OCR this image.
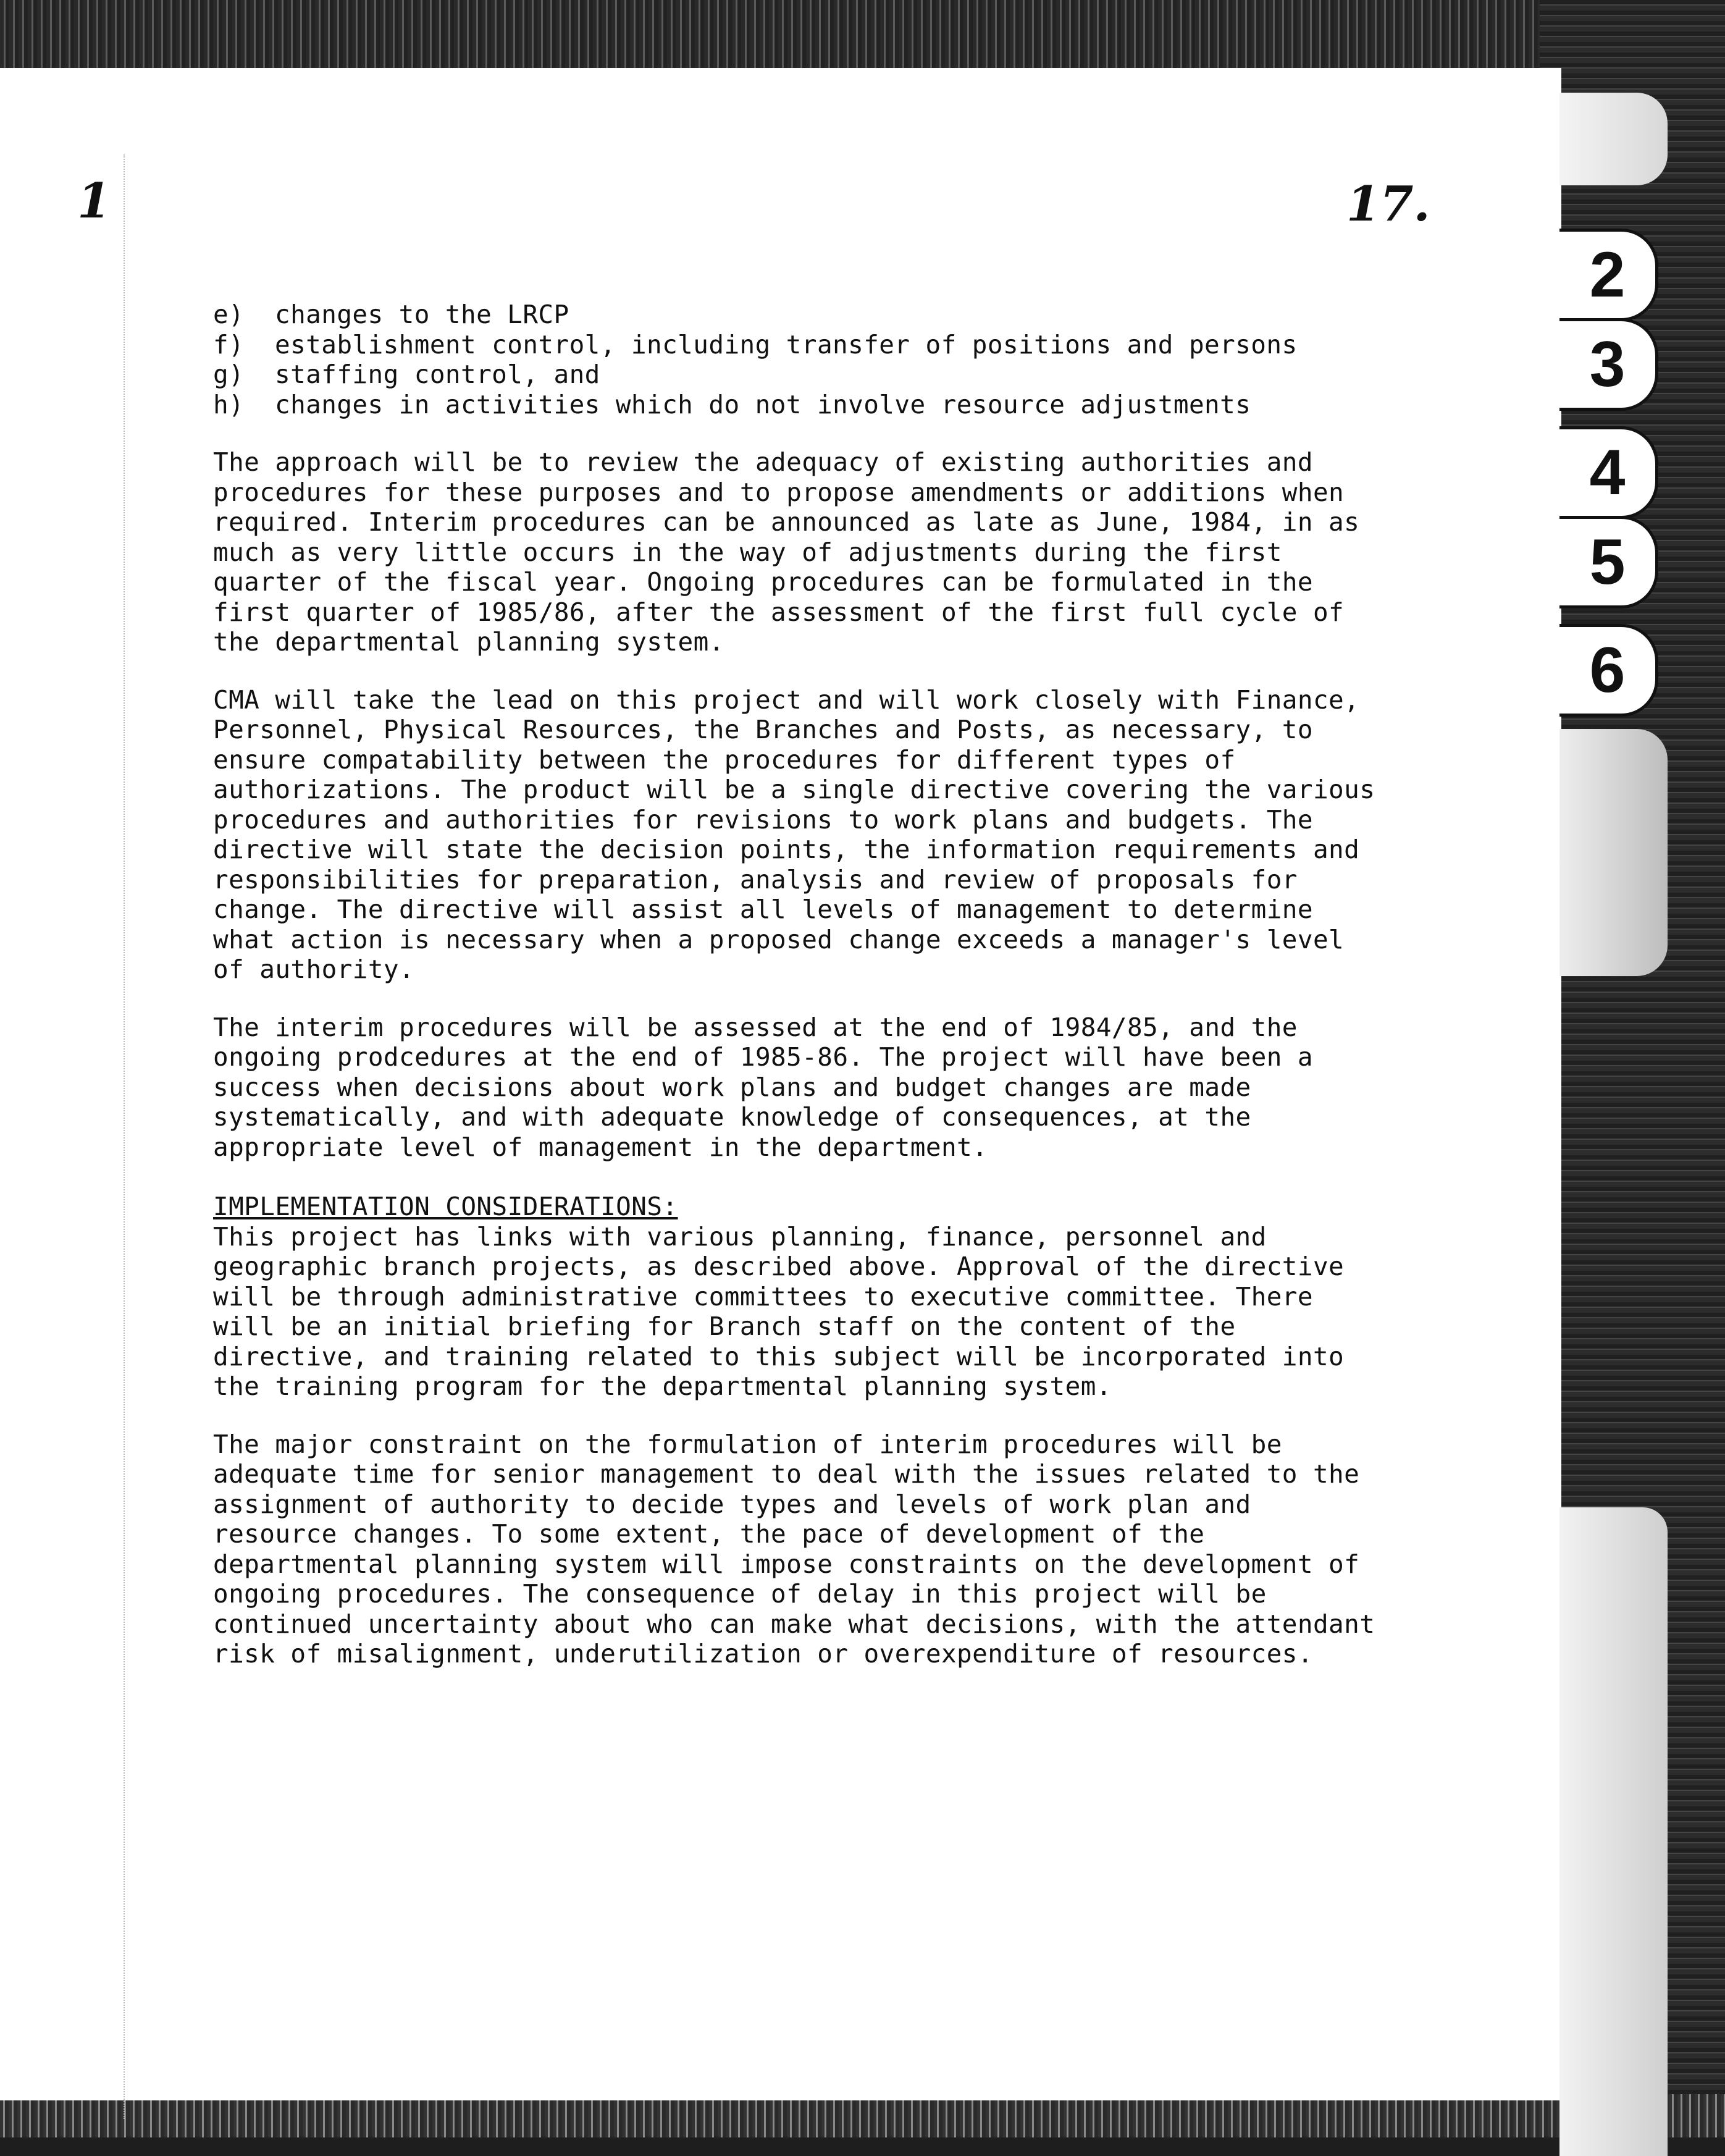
1	17.
2
3
4
5
6
e)	changes to the LRCP
f)	establishment control, including transfer of positions and persons
g)	staffing control, and
h)	changes in activities which do not involve resource adjustments

The approach will be to review the adequacy of existing authorities and procedures for these purposes and to propose amendments or additions when required. Interim procedures can be announced as late as June, 1984, in as much as very little occurs in the way of adjustments during the first quarter of the fiscal year. Ongoing procedures can be formulated in the first quarter of 1985/86, after the assessment of the first full cycle of the departmental planning system.

CMA will take the lead on this project and will work closely with Finance, Personnel, Physical Resources, the Branches and Posts, as necessary, to ensure compatability between the procedures for different types of authorizations. The product will be a single directive covering the various procedures and authorities for revisions to work plans and budgets. The directive will state the decision points, the information requirements and responsibilities for preparation, analysis and review of proposals for change. The directive will assist all levels of management to determine what action is necessary when a proposed change exceeds a manager's level of authority.

The interim procedures will be assessed at the end of 1984/85, and the ongoing prodcedures at the end of 1985-86. The project will have been a success when decisions about work plans and budget changes are made systematically, and with adequate knowledge of consequences, at the appropriate level of management in the department.

IMPLEMENTATION CONSIDERATIONS:

This project has links with various planning, finance, personnel and geographic branch projects, as described above. Approval of the directive will be through administrative committees to executive committee. There will be an initial briefing for Branch staff on the content of the directive, and training related to this subject will be incorporated into the training program for the departmental planning system.

The major constraint on the formulation of interim procedures will be adequate time for senior management to deal with the issues related to the assignment of authority to decide types and levels of work plan and resource changes. To some extent, the pace of development of the departmental planning system will impose constraints on the development of ongoing procedures. The consequence of delay in this project will be continued uncertainty about who can make what decisions, with the attendant risk of misalignment, underutilization or overexpenditure of resources.
